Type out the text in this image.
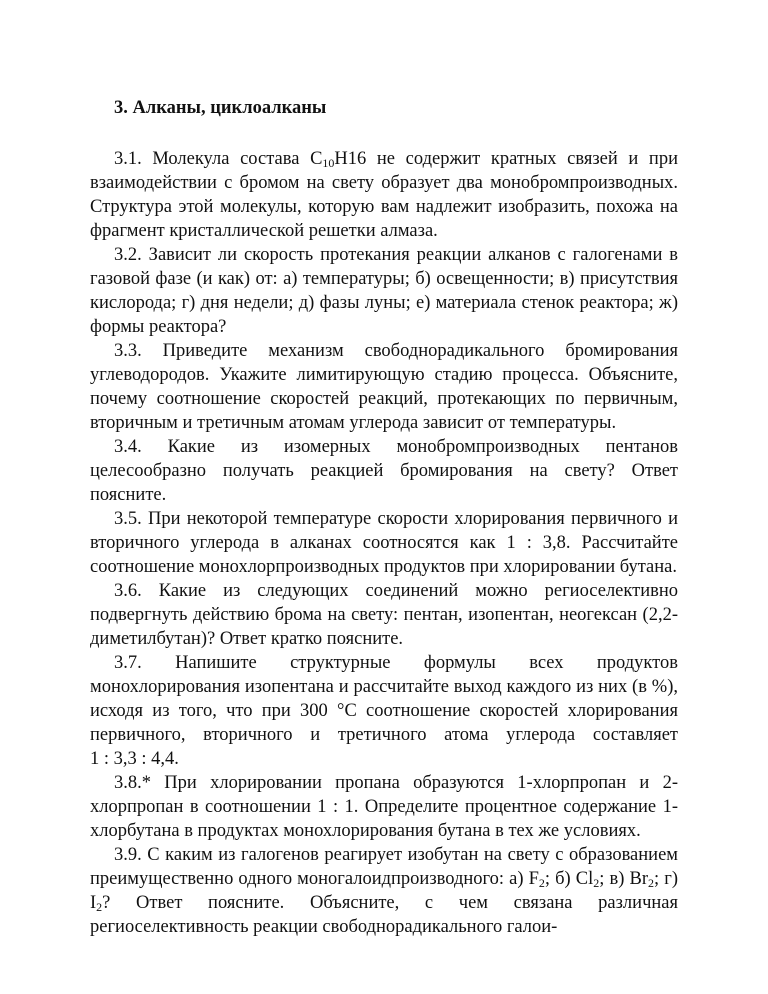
3. Алканы, циклоалканы

3.1. Молекула состава $C_{10}H16$ не содержит кратных связей и при взаимодействии с бромом на свету образует два монобромпроизводных. Структура этой молекулы, которую вам надлежит изобразить, похожа на фрагмент кристаллической решетки алмаза.

3.2. Зависит ли скорость протекания реакции алканов с галогенами в газовой фазе (и как) от: а) температуры; б) освещенности; в) присутствия кислорода; г) дня недели; д) фазы луны; е) материала стенок реактора; ж) формы реактора?

3.3. Приведите механизм свободнорадикального бромирования углеводородов. Укажите лимитирующую стадию процесса. Объясните, почему соотношение скоростей реакций, протекающих по первичным, вторичным и третичным атомам углерода зависит от температуры.

3.4. Какие из изомерных монобромпроизводных пентанов целесообразно получать реакцией бромирования на свету? Ответ поясните.

3.5. При некоторой температуре скорости хлорирования первичного и вторичного углерода в алканах соотносятся как 1 : 3,8. Рассчитайте соотношение монохлорпроизводных продуктов при хлорировании бутана.

3.6. Какие из следующих соединений можно региоселективно подвергнуть действию брома на свету: пентан, изопентан, неогексан (2,2-диметилбутан)? Ответ кратко поясните.

3.7. Напишите структурные формулы всех продуктов монохлорирования изопентана и рассчитайте выход каждого из них (в %), исходя из того, что при 300 °C соотношение скоростей хлорирования первичного, вторичного и третичного атома углерода составляет 1 : 3,3 : 4,4.

3.8.* При хлорировании пропана образуются 1-хлорпропан и 2-хлорпропан в соотношении 1 : 1. Определите процентное содержание 1-хлорбутана в продуктах монохлорирования бутана в тех же условиях.

3.9. С каким из галогенов реагирует изобутан на свету с образованием преимущественно одного моногалоидпроизводного: а) $F_2$; б) $Cl_2$; в) $Br_2$; г) $I_2$? Ответ поясните. Объясните, с чем связана различная региоселективность реакции свободнорадикального галои-
